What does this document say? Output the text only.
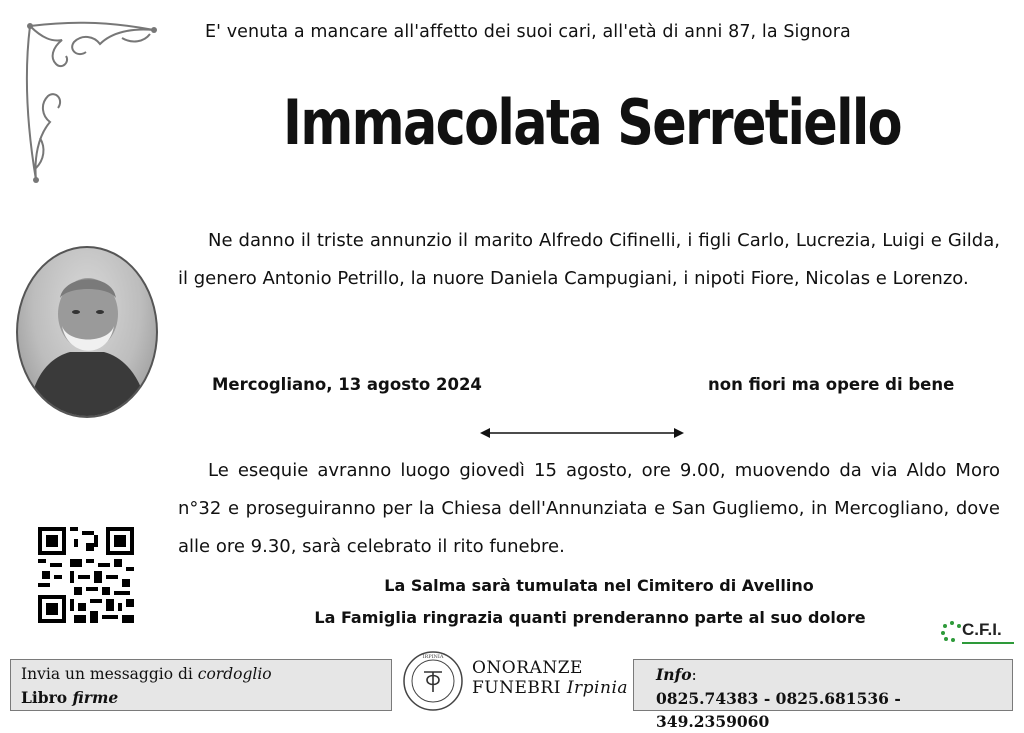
E' venuta a mancare all'affetto dei suoi cari, all'età di anni 87, la Signora
Immacolata Serretiello
Ne danno il triste annunzio il marito Alfredo Cifinelli, i figli Carlo, Lucrezia, Luigi e Gilda, il genero Antonio Petrillo, la nuore Daniela Campugiani, i nipoti Fiore, Nicolas e Lorenzo.
Mercogliano, 13 agosto 2024	non fiori ma opere di bene
Le esequie avranno luogo giovedì 15 agosto, ore 9.00, muovendo da via Aldo Moro n°32 e proseguiranno per la Chiesa dell'Annunziata e San Gugliemo, in Mercogliano, dove alle ore 9.30, sarà celebrato il rito funebre.
La Salma sarà tumulata nel Cimitero di Avellino
La Famiglia ringrazia quanti prenderanno parte al suo dolore
C.F.I.
Invia un messaggio di cordoglio
Libro firme
IRPINIA
ONORANZE
FUNEBRI Irpinia
Info:
0825.74383 - 0825.681536 - 349.2359060
